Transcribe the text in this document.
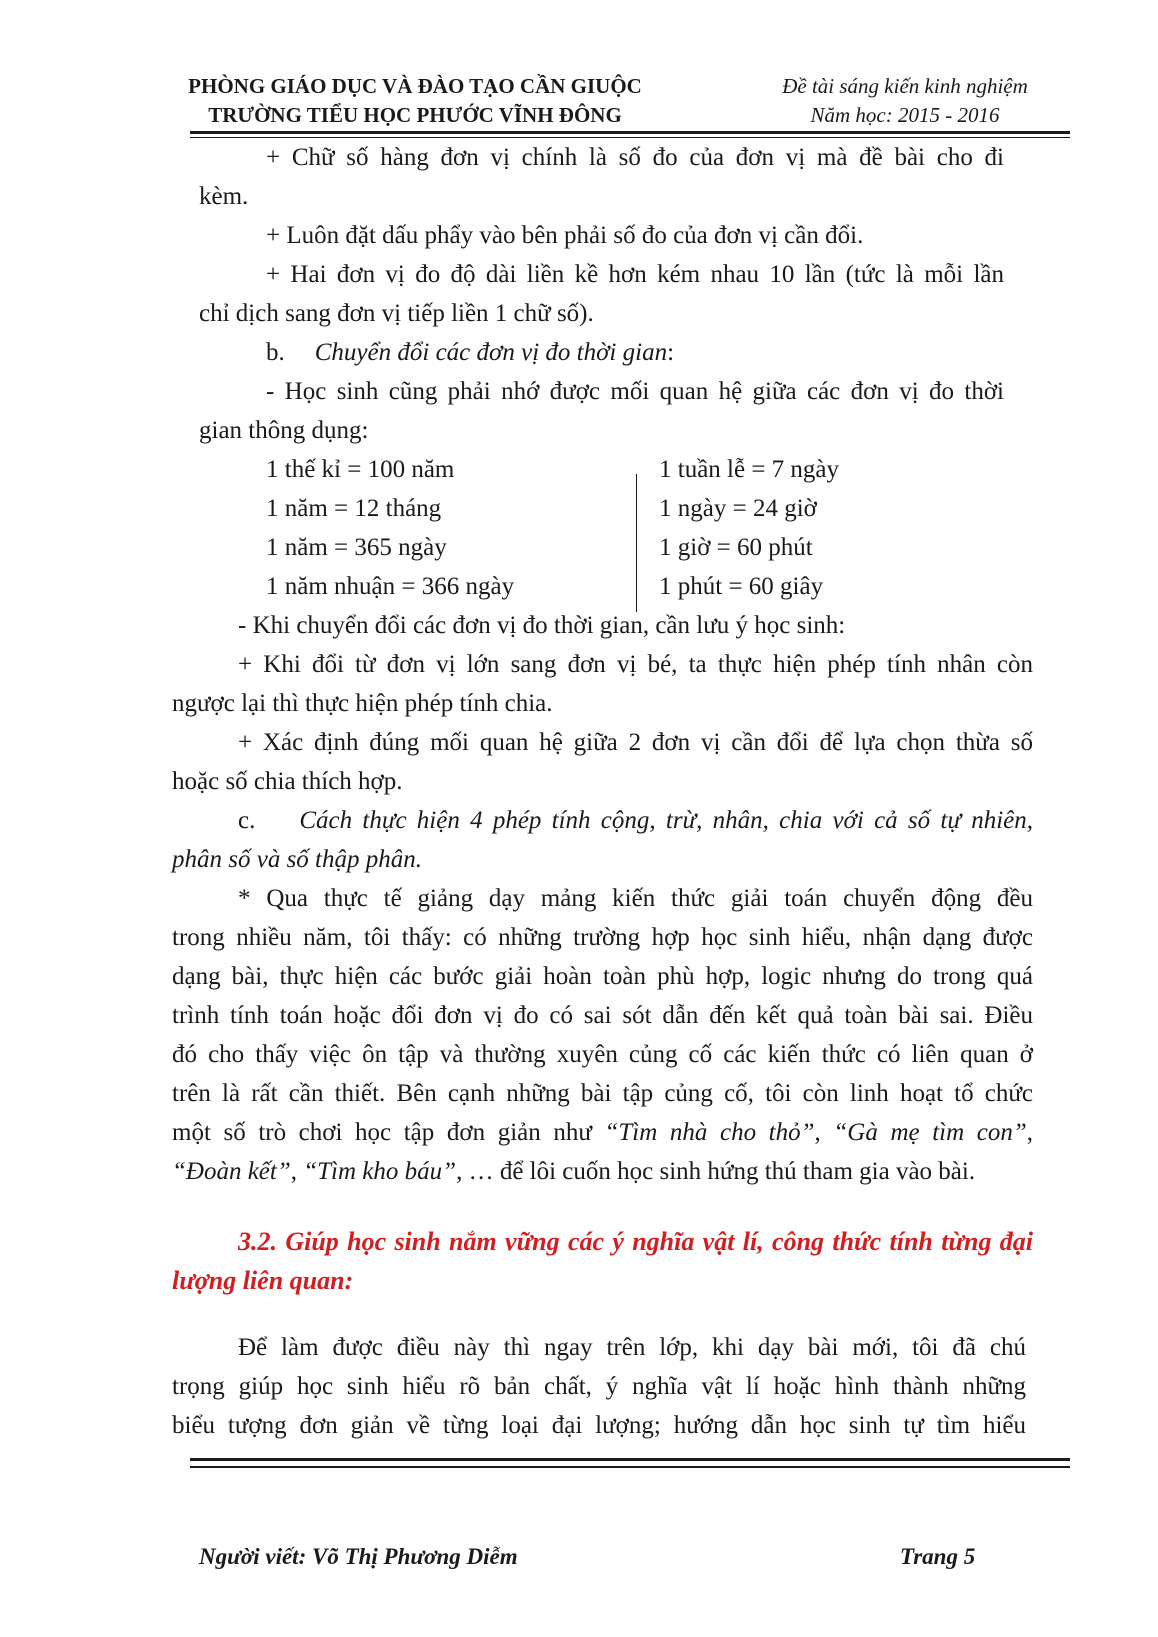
PHÒNG GIÁO DỤC VÀ ĐÀO TẠO CẦN GIUỘC
TRƯỜNG TIỂU HỌC PHƯỚC VĨNH ĐÔNG
Đề tài sáng kiến kinh nghiệm
Năm học: 2015 - 2016
+ Chữ số hàng đơn vị chính là số đo của đơn vị mà đề bài cho đi
kèm.
+ Luôn đặt dấu phẩy vào bên phải số đo của đơn vị cần đổi.
+ Hai đơn vị đo độ dài liền kề hơn kém nhau 10 lần (tức là mỗi lần
chỉ dịch sang đơn vị tiếp liền 1 chữ số).
b. Chuyển đổi các đơn vị đo thời gian:
- Học sinh cũng phải nhớ được mối quan hệ giữa các đơn vị đo thời
gian thông dụng:
1 thế kỉ = 100 năm
1 năm = 12 tháng
1 năm = 365 ngày
1 năm nhuận = 366 ngày
1 tuần lễ = 7 ngày
1 ngày = 24 giờ
1 giờ = 60 phút
1 phút = 60 giây
- Khi chuyển đổi các đơn vị đo thời gian, cần lưu ý học sinh:
+ Khi đổi từ đơn vị lớn sang đơn vị bé, ta thực hiện phép tính nhân còn
ngược lại thì thực hiện phép tính chia.
+ Xác định đúng mối quan hệ giữa 2 đơn vị cần đổi để lựa chọn thừa số
hoặc số chia thích hợp.
c. Cách thực hiện 4 phép tính cộng, trừ, nhân, chia với cả số tự nhiên,
phân số và số thập phân.
* Qua thực tế giảng dạy mảng kiến thức giải toán chuyển động đều
trong nhiều năm, tôi thấy: có những trường hợp học sinh hiểu, nhận dạng được
dạng bài, thực hiện các bước giải hoàn toàn phù hợp, logic nhưng do trong quá
trình tính toán hoặc đổi đơn vị đo có sai sót dẫn đến kết quả toàn bài sai. Điều
đó cho thấy việc ôn tập và thường xuyên củng cố các kiến thức có liên quan ở
trên là rất cần thiết. Bên cạnh những bài tập củng cố, tôi còn linh hoạt tổ chức
một số trò chơi học tập đơn giản như “Tìm nhà cho thỏ”, “Gà mẹ tìm con”,
“Đoàn kết”, “Tìm kho báu”, … để lôi cuốn học sinh hứng thú tham gia vào bài.
3.2. Giúp học sinh nắm vững các ý nghĩa vật lí, công thức tính từng đại
lượng liên quan:
Để làm được điều này thì ngay trên lớp, khi dạy bài mới, tôi đã chú
trọng giúp học sinh hiểu rõ bản chất, ý nghĩa vật lí hoặc hình thành những
biểu tượng đơn giản về từng loại đại lượng; hướng dẫn học sinh tự tìm hiểu
Người viết: Võ Thị Phương Diễm	Trang 5
